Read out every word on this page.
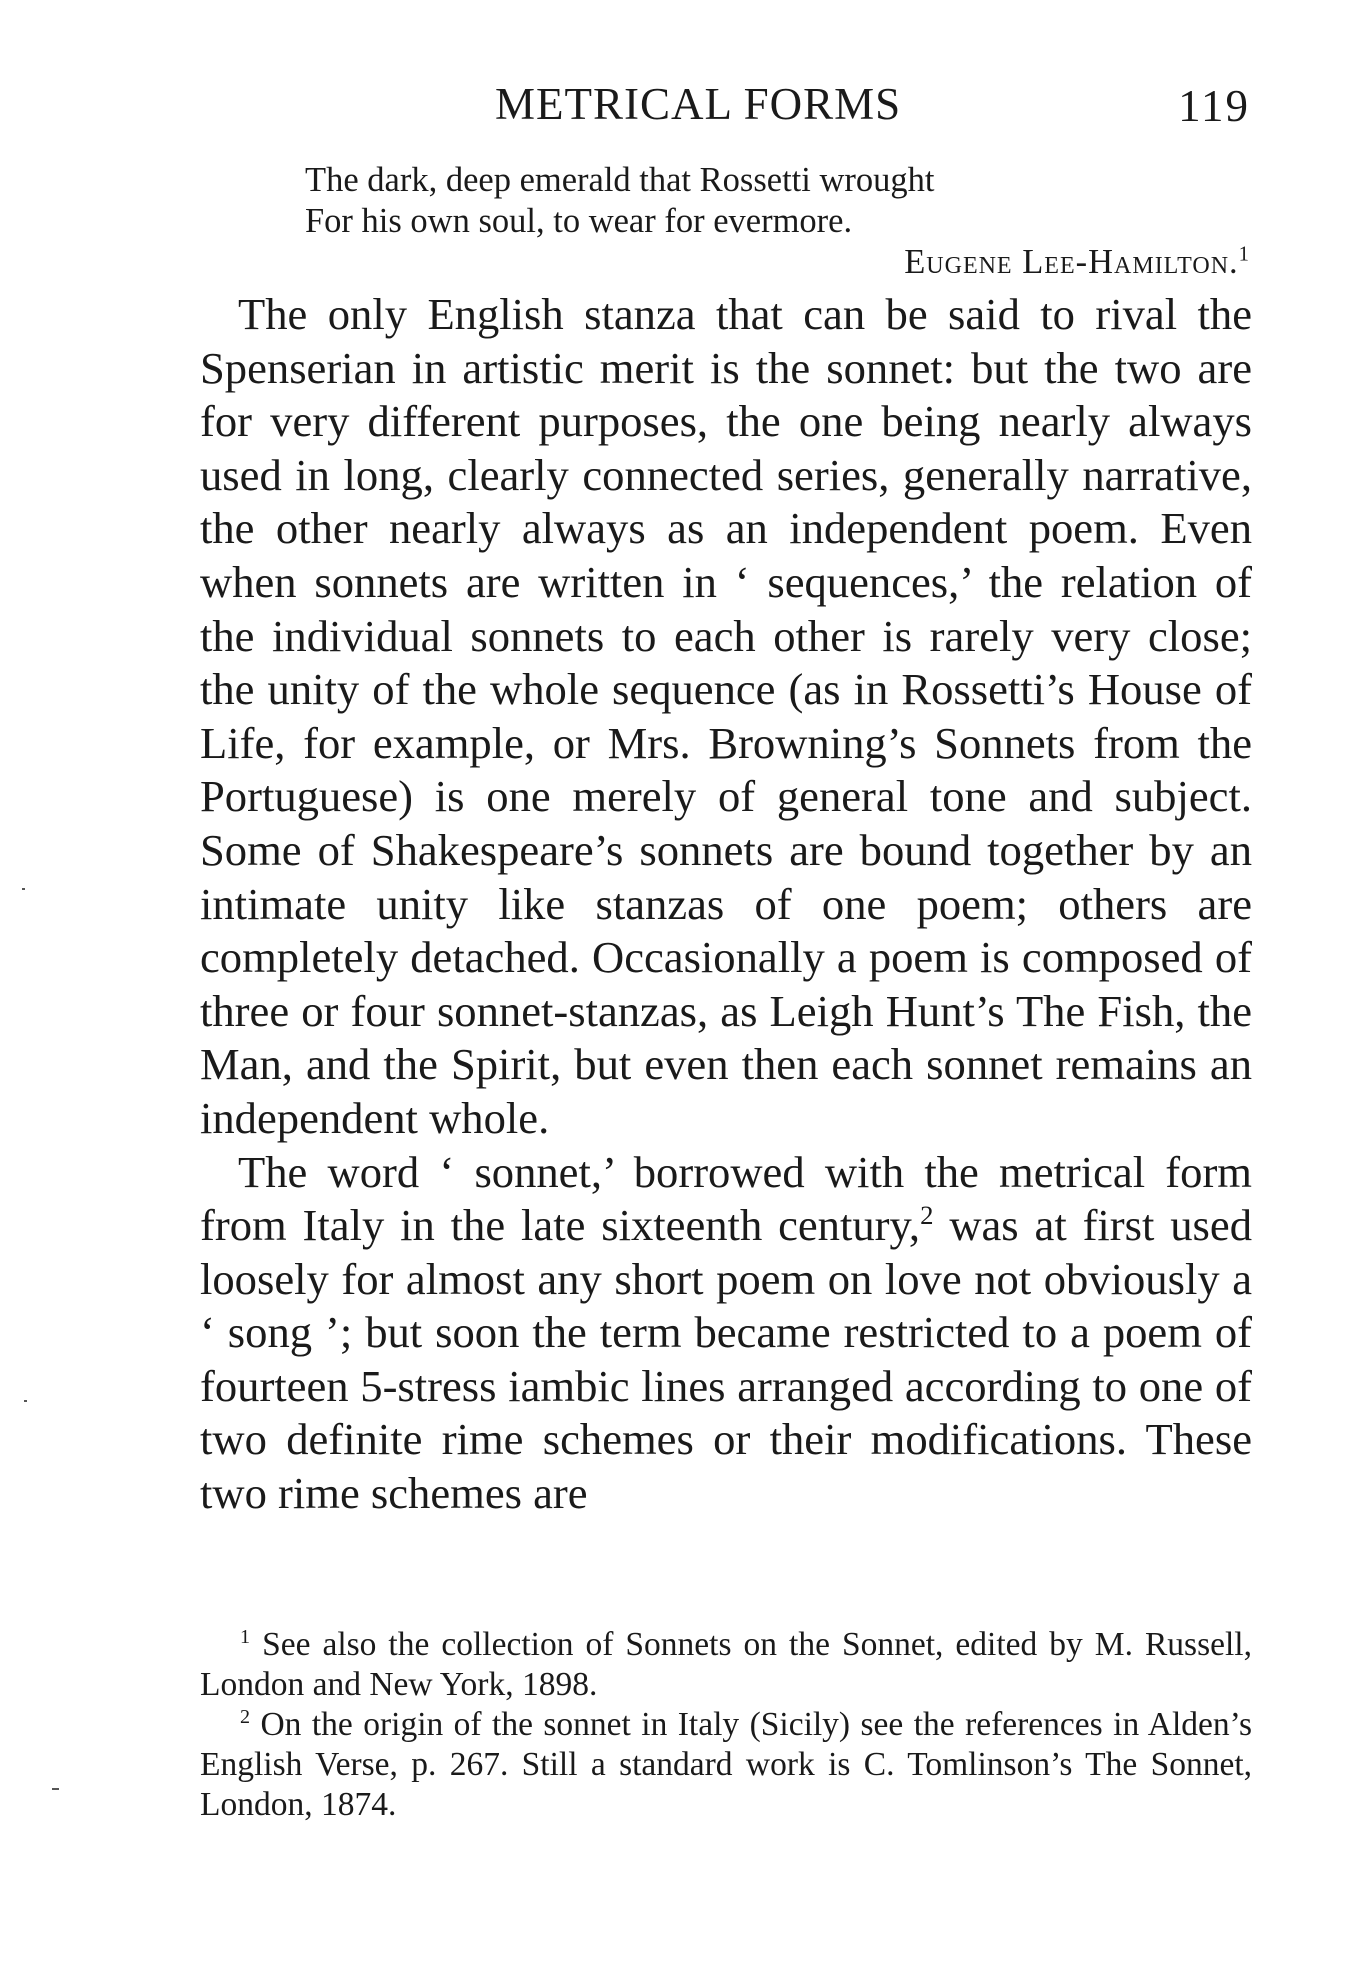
METRICAL FORMS	119
The dark, deep emerald that Rossetti wrought
For his own soul, to wear for evermore.
Eugene Lee-Hamilton.$^1$

The only English stanza that can be said to rival the Spenserian in artistic merit is the sonnet: but the two are for very different purposes, the one being nearly always used in long, clearly connected series, generally narrative, the other nearly always as an independent poem. Even when sonnets are written in ‘ sequences,’ the relation of the individual sonnets to each other is rarely very close; the unity of the whole sequence (as in Rossetti’s House of Life, for example, or Mrs. Browning’s Sonnets from the Portuguese) is one merely of general tone and subject. Some of Shakespeare’s sonnets are bound together by an intimate unity like stanzas of one poem; others are completely detached. Occasionally a poem is composed of three or four sonnet-stanzas, as Leigh Hunt’s The Fish, the Man, and the Spirit, but even then each sonnet remains an independent whole.

The word ‘ sonnet,’ borrowed with the metrical form from Italy in the late sixteenth century,$^2$ was at first used loosely for almost any short poem on love not obviously a ‘ song ’; but soon the term became restricted to a poem of fourteen 5-stress iambic lines arranged according to one of two definite rime schemes or their modifications. These two rime schemes are

$^1$ See also the collection of Sonnets on the Sonnet, edited by M. Russell, London and New York, 1898.

$^2$ On the origin of the sonnet in Italy (Sicily) see the references in Alden’s English Verse, p. 267. Still a standard work is C. Tomlinson’s The Sonnet, London, 1874.
